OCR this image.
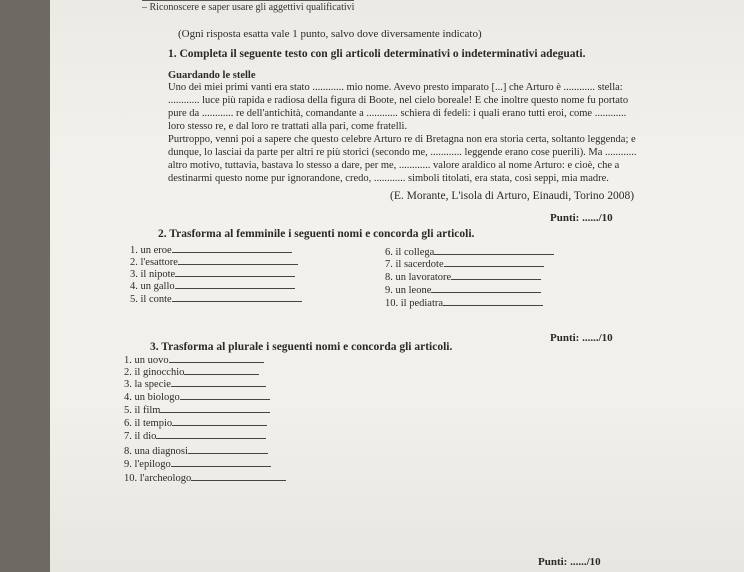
– Riconoscere e saper usare gli aggettivi qualificativi
(Ogni risposta esatta vale 1 punto, salvo dove diversamente indicato)
1. Completa il seguente testo con gli articoli determinativi o indeterminativi adeguati.
Guardando le stelle
Uno dei miei primi vanti era stato ............ mio nome. Avevo presto imparato [...] che Arturo è ............ stella:
............ luce più rapida e radiosa della figura di Boote, nel cielo boreale! E che inoltre questo nome fu portato
pure da ............ re dell'antichità, comandante a ............ schiera di fedeli: i quali erano tutti eroi, come ............
loro stesso re, e dal loro re trattati alla pari, come fratelli.
Purtroppo, venni poi a sapere che questo celebre Arturo re di Bretagna non era storia certa, soltanto leggenda; e
dunque, lo lasciai da parte per altri re più storici (secondo me, ............ leggende erano cose puerili). Ma ............
altro motivo, tuttavia, bastava lo stesso a dare, per me, ............ valore araldico al nome Arturo: e cioè, che a
destinarmi questo nome pur ignorandone, credo, ............ simboli titolati, era stata, così seppi, mia madre.
(E. Morante, L'isola di Arturo, Einaudi, Torino 2008)
Punti: ....../10
2. Trasforma al femminile i seguenti nomi e concorda gli articoli.
1. un eroe
2. l'esattore
3. il nipote
4. un gallo
5. il conte
6. il collega
7. il sacerdote
8. un lavoratore
9. un leone
10. il pediatra
Punti: ....../10
3. Trasforma al plurale i seguenti nomi e concorda gli articoli.
1. un uovo
2. il ginocchio
3. la specie
4. un biologo
5. il film
6. il tempio
7. il dio
8. una diagnosi
9. l'epilogo
10. l'archeologo
Punti: ....../10
